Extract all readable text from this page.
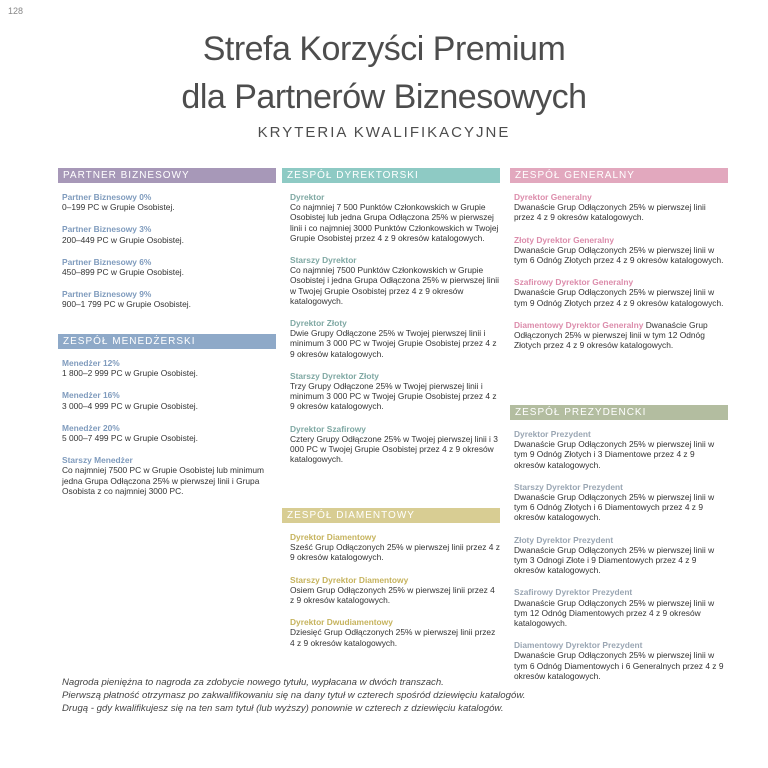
128
Strefa Korzyści Premium
dla Partnerów Biznesowych
KRYTERIA KWALIFIKACYJNE
PARTNER BIZNESOWY
Partner Biznesowy 0%
0–199 PC w Grupie Osobistej.
Partner Biznesowy 3%
200–449 PC w Grupie Osobistej.
Partner Biznesowy 6%
450–899 PC w Grupie Osobistej.
Partner Biznesowy 9%
900–1 799 PC w Grupie Osobistej.
ZESPÓŁ MENEDŻERSKI
Menedżer 12%
1 800–2 999 PC w Grupie Osobistej.
Menedżer 16%
3 000–4 999 PC w Grupie Osobistej.
Menedżer 20%
5 000–7 499 PC w Grupie Osobistej.
Starszy Menedżer
Co najmniej 7500 PC w Grupie Osobistej lub minimum jedna Grupa Odłączona 25% w pierwszej linii i Grupa Osobista z co najmniej 3000 PC.
ZESPÓŁ DYREKTORSKI
Dyrektor
Co najmniej 7 500 Punktów Członkowskich w Grupie Osobistej lub jedna Grupa Odłączona 25% w pierwszej linii i co najmniej 3000 Punktów Członkowskich w Twojej Grupie Osobistej przez 4 z 9 okresów katalogowych.
Starszy Dyrektor
Co najmniej 7500 Punktów Członkowskich w Grupie Osobistej i jedna Grupa Odłączona 25% w pierwszej linii w Twojej Grupie Osobistej przez 4 z 9 okresów katalogowych.
Dyrektor Złoty
Dwie Grupy Odłączone 25% w Twojej pierwszej linii i minimum 3 000 PC w Twojej Grupie Osobistej przez 4 z 9 okresów katalogowych.
Starszy Dyrektor Złoty
Trzy Grupy Odłączone 25% w Twojej pierwszej linii i minimum 3 000 PC w Twojej Grupie Osobistej przez 4 z 9 okresów katalogowych.
Dyrektor Szafirowy
Cztery Grupy Odłączone 25% w Twojej pierwszej linii i 3 000 PC w Twojej Grupie Osobistej przez 4 z 9 okresów katalogowych.
ZESPÓŁ DIAMENTOWY
Dyrektor Diamentowy
Sześć Grup Odłączonych 25% w pierwszej linii przez 4 z 9 okresów katalogowych.
Starszy Dyrektor Diamentowy
Osiem Grup Odłączonych 25% w pierwszej linii przez 4 z 9 okresów katalogowych.
Dyrektor Dwudiamentowy
Dziesięć Grup Odłączonych 25% w pierwszej linii przez 4 z 9 okresów katalogowych.
ZESPÓŁ GENERALNY
Dyrektor Generalny
Dwanaście Grup Odłączonych 25% w pierwszej linii przez 4 z 9 okresów katalogowych.
Złoty Dyrektor Generalny
Dwanaście Grup Odłączonych 25% w pierwszej linii w tym 6 Odnóg Złotych przez 4 z 9 okresów katalogowych.
Szafirowy Dyrektor Generalny
Dwanaście Grup Odłączonych 25% w pierwszej linii w tym 9 Odnóg Złotych przez 4 z 9 okresów katalogowych.
Diamentowy Dyrektor Generalny Dwanaście Grup Odłączonych 25% w pierwszej linii w tym 12 Odnóg Złotych przez 4 z 9 okresów katalogowych.
ZESPÓŁ PREZYDENCKI
Dyrektor Prezydent
Dwanaście Grup Odłączonych 25% w pierwszej linii w tym 9 Odnóg Złotych i 3 Diamentowe przez 4 z 9 okresów katalogowych.
Starszy Dyrektor Prezydent
Dwanaście Grup Odłączonych 25% w pierwszej linii w tym 6 Odnóg Złotych i 6 Diamentowych przez 4 z 9 okresów katalogowych.
Złoty Dyrektor Prezydent
Dwanaście Grup Odłączonych 25% w pierwszej linii w tym 3 Odnogi Złote i 9 Diamentowych przez 4 z 9 okresów katalogowych.
Szafirowy Dyrektor Prezydent
Dwanaście Grup Odłączonych 25% w pierwszej linii w tym 12 Odnóg Diamentowych przez 4 z 9 okresów katalogowych.
Diamentowy Dyrektor Prezydent
Dwanaście Grup Odłączonych 25% w pierwszej linii w tym 6 Odnóg Diamentowych i 6 Generalnych przez 4 z 9 okresów katalogowych.
Nagroda pieniężna to nagroda za zdobycie nowego tytułu, wypłacana w dwóch transzach.
Pierwszą płatność otrzymasz po zakwalifikowaniu się na dany tytuł w czterech spośród dziewięciu katalogów.
Drugą - gdy kwalifikujesz się na ten sam tytuł (lub wyższy) ponownie w czterech z dziewięciu katalogów.
